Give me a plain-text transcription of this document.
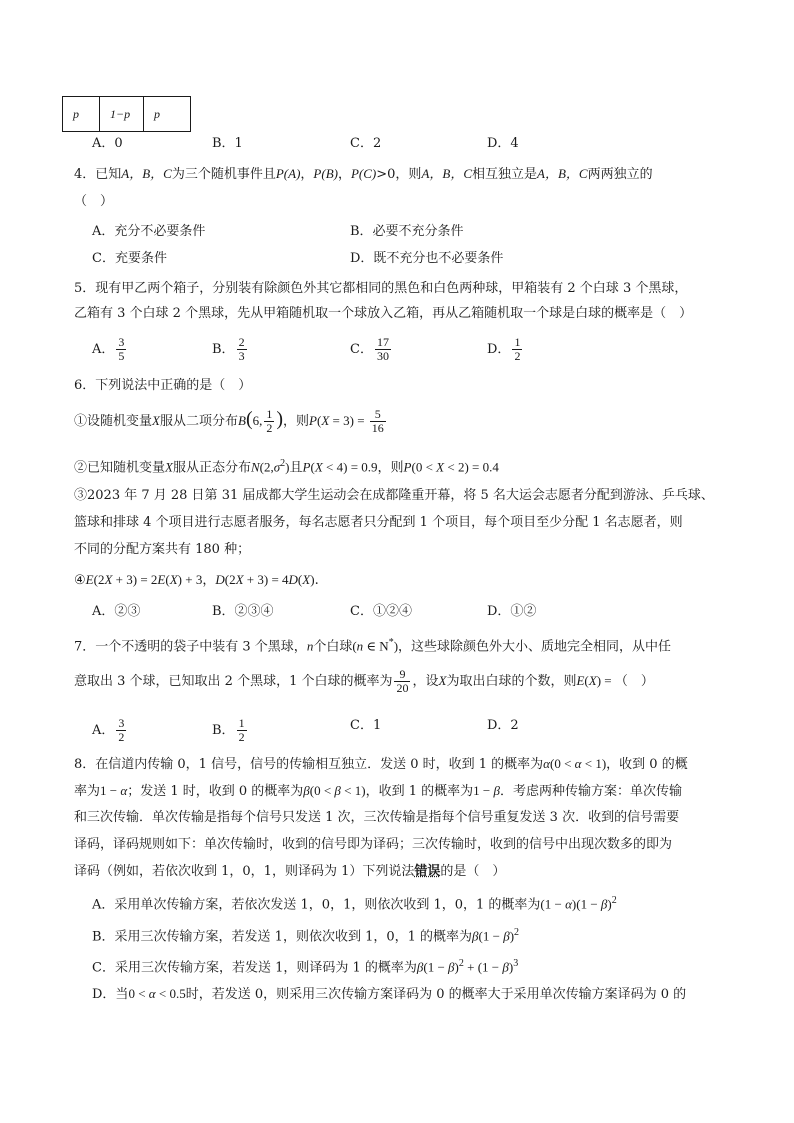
p	1−p	p
A．0	B．1	C．2	D．4
4．已知A，B，C为三个随机事件且P(A)，P(B)，P(C)>0，则A，B，C相互独立是A，B，C两两独立的
（　）
A．充分不必要条件	B．必要不充分条件
C．充要条件	D．既不充分也不必要条件
5．现有甲乙两个箱子，分别装有除颜色外其它都相同的黑色和白色两种球，甲箱装有 2 个白球 3 个黑球，
乙箱有 3 个白球 2 个黑球，先从甲箱随机取一个球放入乙箱，再从乙箱随机取一个球是白球的概率是（　）
A． $\frac{3}{5}$	B． $\frac{2}{3}$	C． $\frac{17}{30}$	D． $\frac{1}{2}$
6．下列说法中正确的是（　）
①设随机变量X服从二项分布B(6, $\frac{1}{2}$ )，则$P(X = 3) = \frac{5}{16}$
②已知随机变量X服从正态分布$N(2,\sigma^2)$且P(X < 4) = 0.9，则P(0 < X < 2) = 0.4
③2023 年 7 月 28 日第 31 届成都大学生运动会在成都隆重开幕，将 5 名大运会志愿者分配到游泳、乒乓球、
篮球和排球 4 个项目进行志愿者服务，每名志愿者只分配到 1 个项目，每个项目至少分配 1 名志愿者，则
不同的分配方案共有 180 种；
④E(2X + 3) = 2E(X) + 3，D(2X + 3) = 4D(X).
A．②③	B．②③④	C．①②④	D．①②
7．一个不透明的袋子中装有 3 个黑球，n个白球(n ∈ N*)，这些球除颜色外大小、质地完全相同，从中任
意取出 3 个球，已知取出 2 个黑球，1 个白球的概率为 $\frac{9}{20}$ ，设X为取出白球的个数，则E(X) = （　）
A． $\frac{3}{2}$	B． $\frac{1}{2}$	C．1	D．2
8．在信道内传输 0，1 信号，信号的传输相互独立．发送 0 时，收到 1 的概率为α(0 < α < 1)，收到 0 的概
率为1 − α；发送 1 时，收到 0 的概率为β(0 < β < 1)，收到 1 的概率为1 − β．考虑两种传输方案：单次传输
和三次传输．单次传输是指每个信号只发送 1 次，三次传输是指每个信号重复发送 3 次．收到的信号需要
译码，译码规则如下：单次传输时，收到的信号即为译码；三次传输时，收到的信号中出现次数多的即为
译码（例如，若依次收到 1，0，1，则译码为 1）下列说法错误的是（　）
A．采用单次传输方案，若依次发送 1，0，1，则依次收到 1，0，1 的概率为$(1 - \alpha)(1 - \beta)^2$
B．采用三次传输方案，若发送 1，则依次收到 1，0，1 的概率为$\beta(1 - \beta)^2$
C．采用三次传输方案，若发送 1，则译码为 1 的概率为$\beta(1 - \beta)^2 + (1 - \beta)^3$
D．当0 < α < 0.5时，若发送 0，则采用三次传输方案译码为 0 的概率大于采用单次传输方案译码为 0 的
